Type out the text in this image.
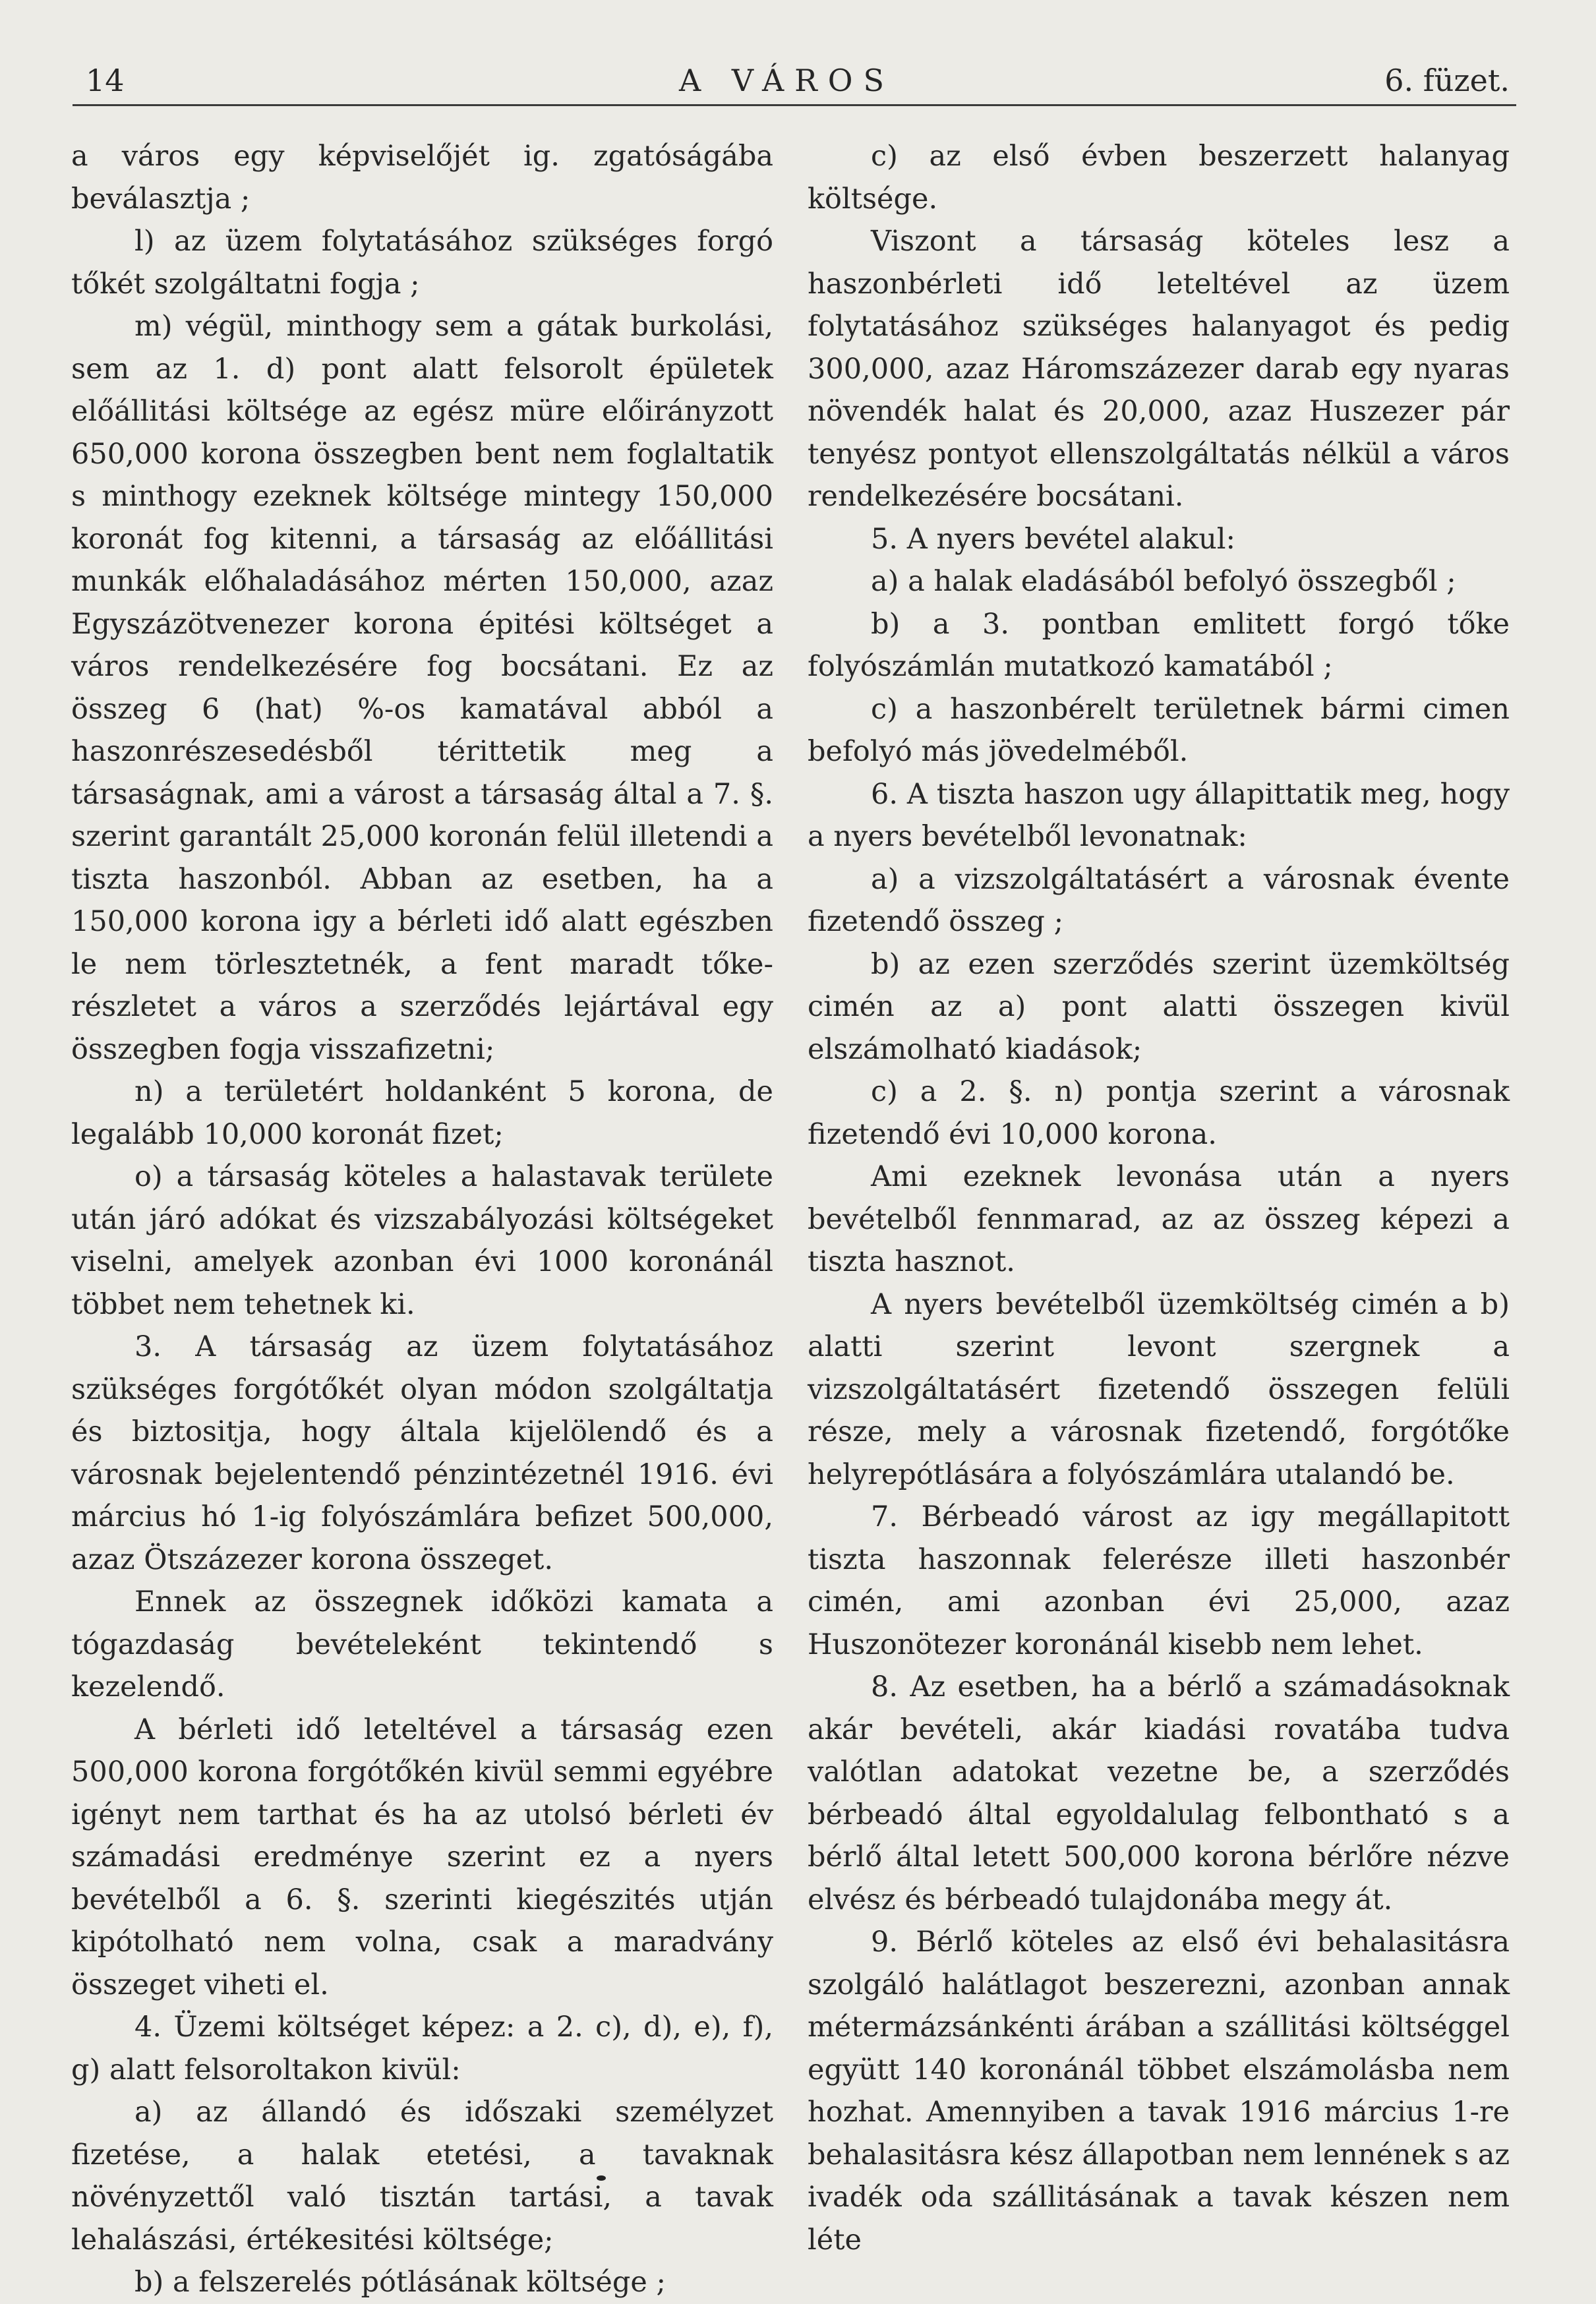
14	A VÁROS	6. füzet.

a város egy képviselőjét ig. zgatóságába beválasztja ;

l) az üzem folytatásához szükséges forgó tőkét szolgáltatni fogja ;

m) végül, minthogy sem a gátak burkolási, sem az 1. d) pont alatt felsorolt épületek előállitási költsége az egész müre előirányzott 650,000 korona összegben bent nem foglaltatik s minthogy ezeknek költsége mintegy 150,000 koronát fog kitenni, a társaság az előállitási munkák előhaladásához mérten 150,000, azaz Egyszázötvenezer korona épitési költséget a város rendelkezésére fog bocsátani. Ez az összeg 6 (hat) %-os kamatával abból a haszonrészesedésből térittetik meg a társaságnak, ami a várost a társaság által a 7. §. szerint garantált 25,000 koronán felül illetendi a tiszta haszonból. Abban az esetben, ha a 150,000 korona igy a bérleti idő alatt egészben le nem törlesztetnék, a fent maradt tőke-részletet a város a szerződés lejártával egy összegben fogja visszafizetni;

n) a területért holdanként 5 korona, de legalább 10,000 koronát fizet;

o) a társaság köteles a halastavak területe után járó adókat és vizszabályozási költségeket viselni, amelyek azonban évi 1000 koronánál többet nem tehetnek ki.

3. A társaság az üzem folytatásához szükséges forgótőkét olyan módon szolgáltatja és biztositja, hogy általa kijelölendő és a városnak bejelentendő pénzintézetnél 1916. évi március hó 1-ig folyószámlára befizet 500,000, azaz Ötszázezer korona összeget.

Ennek az összegnek időközi kamata a tógazdaság bevételeként tekintendő s kezelendő.

A bérleti idő leteltével a társaság ezen 500,000 korona forgótőkén kivül semmi egyébre igényt nem tarthat és ha az utolsó bérleti év számadási eredménye szerint ez a nyers bevételből a 6. §. szerinti kiegészités utján kipótolható nem volna, csak a maradvány összeget viheti el.

4. Üzemi költséget képez: a 2. c), d), e), f), g) alatt felsoroltakon kivül:

a) az állandó és időszaki személyzet fizetése, a halak etetési, a tavaknak növényzettől való tisztán tartási, a tavak lehalászási, értékesitési költsége;

b) a felszerelés pótlásának költsége ;

c) az első évben beszerzett halanyag költsége.

Viszont a társaság köteles lesz a haszonbérleti idő leteltével az üzem folytatásához szükséges halanyagot és pedig 300,000, azaz Háromszázezer darab egy nyaras növendék halat és 20,000, azaz Huszezer pár tenyész pontyot ellenszolgáltatás nélkül a város rendelkezésére bocsátani.

5. A nyers bevétel alakul:

a) a halak eladásából befolyó összegből ;

b) a 3. pontban emlitett forgó tőke folyószámlán mutatkozó kamatából ;

c) a haszonbérelt területnek bármi cimen befolyó más jövedelméből.

6. A tiszta haszon ugy állapittatik meg, hogy a nyers bevételből levonatnak:

a) a vizszolgáltatásért a városnak évente fizetendő összeg ;

b) az ezen szerződés szerint üzemköltség cimén az a) pont alatti összegen kivül elszámolható kiadások;

c) a 2. §. n) pontja szerint a városnak fizetendő évi 10,000 korona.

Ami ezeknek levonása után a nyers bevételből fennmarad, az az összeg képezi a tiszta hasznot.

A nyers bevételből üzemköltség cimén a b) alatti szerint levont szergnek a vizszolgáltatásért fizetendő összegen felüli része, mely a városnak fizetendő, forgótőke helyrepótlására a folyószámlára utalandó be.

7. Bérbeadó várost az igy megállapitott tiszta haszonnak felerésze illeti haszonbér cimén, ami azonban évi 25,000, azaz Huszonötezer koronánál kisebb nem lehet.

8. Az esetben, ha a bérlő a számadásoknak akár bevételi, akár kiadási rovatába tudva valótlan adatokat vezetne be, a szerződés bérbeadó által egyoldalulag felbontható s a bérlő által letett 500,000 korona bérlőre nézve elvész és bérbeadó tulajdonába megy át.

9. Bérlő köteles az első évi behalasitásra szolgáló halátlagot beszerezni, azonban annak métermázsánkénti árában a szállitási költséggel együtt 140 koronánál többet elszámolásba nem hozhat. Amennyiben a tavak 1916 március 1-re behalasitásra kész állapotban nem lennének s az ivadék oda szállitásának a tavak készen nem léte
